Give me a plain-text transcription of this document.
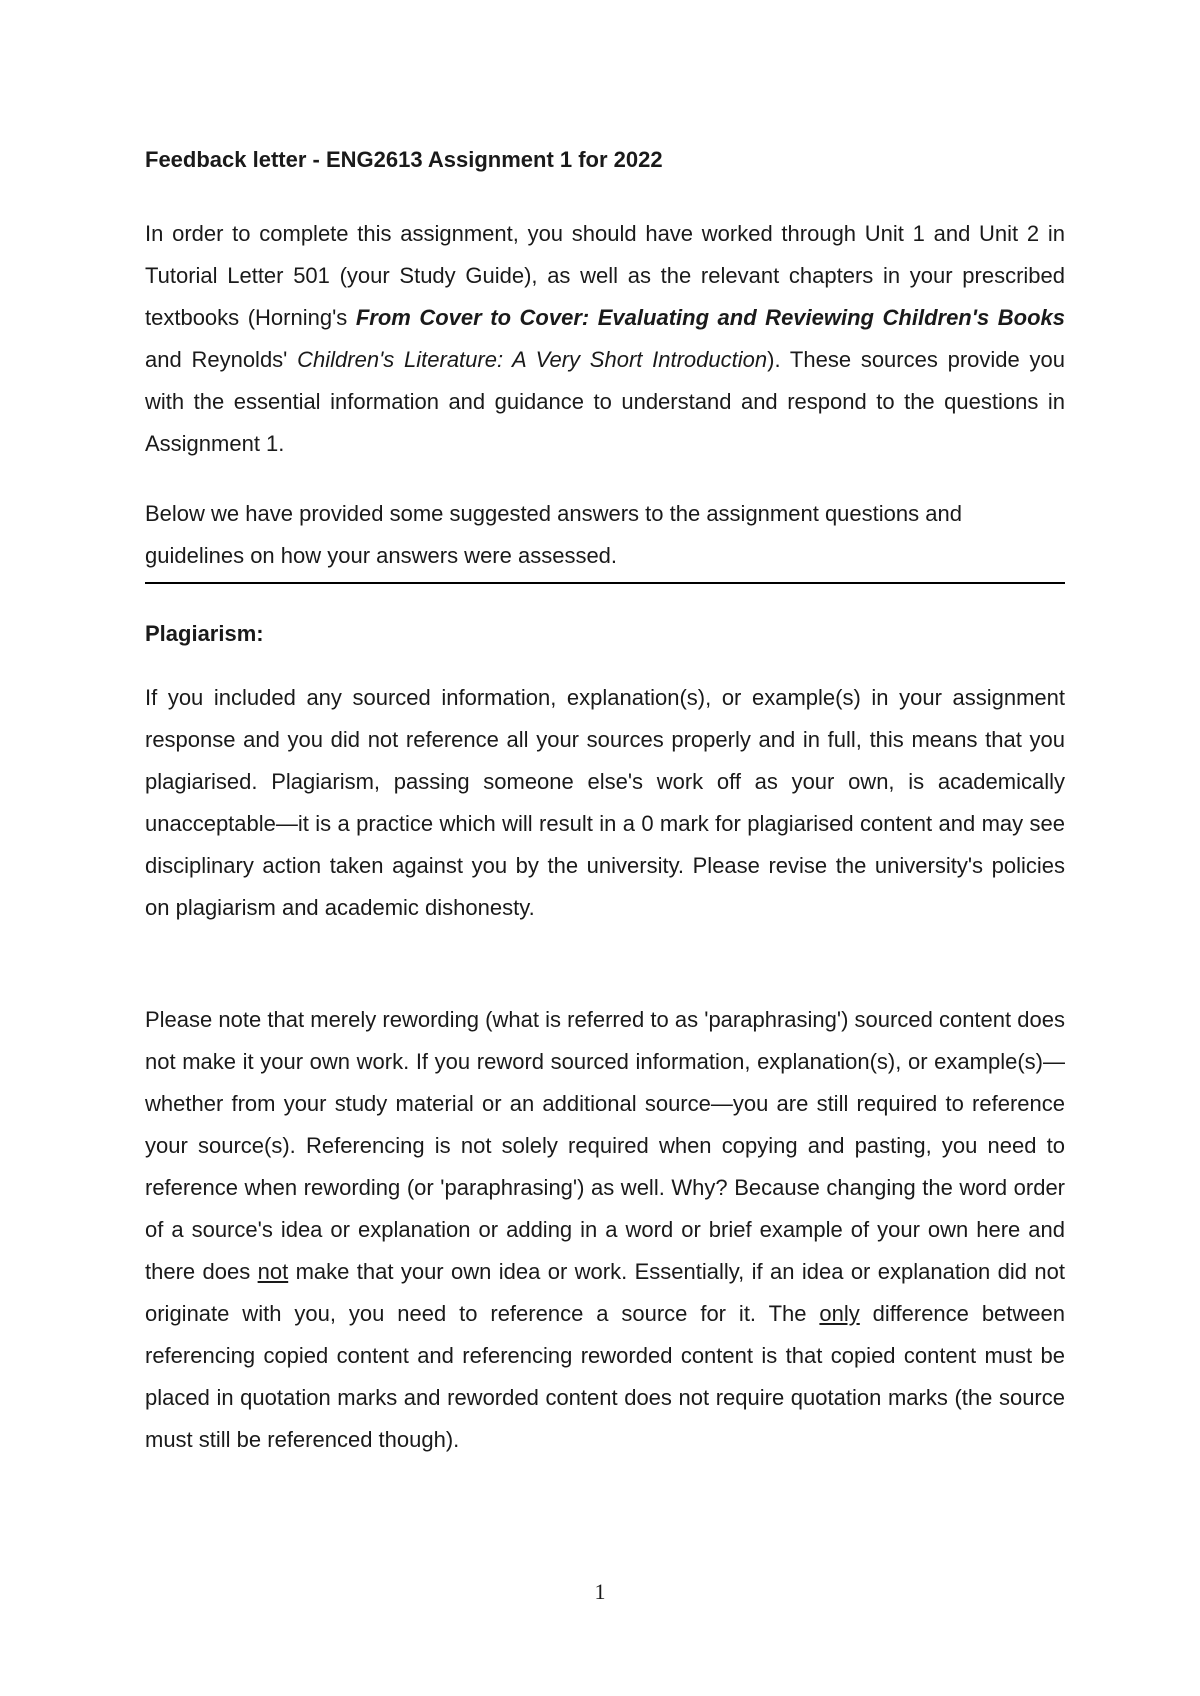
Feedback letter - ENG2613 Assignment 1 for 2022

In order to complete this assignment, you should have worked through Unit 1 and Unit 2 in Tutorial Letter 501 (your Study Guide), as well as the relevant chapters in your prescribed textbooks (Horning's From Cover to Cover: Evaluating and Reviewing Children's Books and Reynolds' Children's Literature: A Very Short Introduction). These sources provide you with the essential information and guidance to understand and respond to the questions in Assignment 1.

Below we have provided some suggested answers to the assignment questions and guidelines on how your answers were assessed.

Plagiarism:

If you included any sourced information, explanation(s), or example(s) in your assignment response and you did not reference all your sources properly and in full, this means that you plagiarised. Plagiarism, passing someone else's work off as your own, is academically unacceptable—it is a practice which will result in a 0 mark for plagiarised content and may see disciplinary action taken against you by the university. Please revise the university's policies on plagiarism and academic dishonesty.

Please note that merely rewording (what is referred to as 'paraphrasing') sourced content does not make it your own work. If you reword sourced information, explanation(s), or example(s)—whether from your study material or an additional source—you are still required to reference your source(s). Referencing is not solely required when copying and pasting, you need to reference when rewording (or 'paraphrasing') as well. Why? Because changing the word order of a source's idea or explanation or adding in a word or brief example of your own here and there does not make that your own idea or work. Essentially, if an idea or explanation did not originate with you, you need to reference a source for it. The only difference between referencing copied content and referencing reworded content is that copied content must be placed in quotation marks and reworded content does not require quotation marks (the source must still be referenced though).

1
